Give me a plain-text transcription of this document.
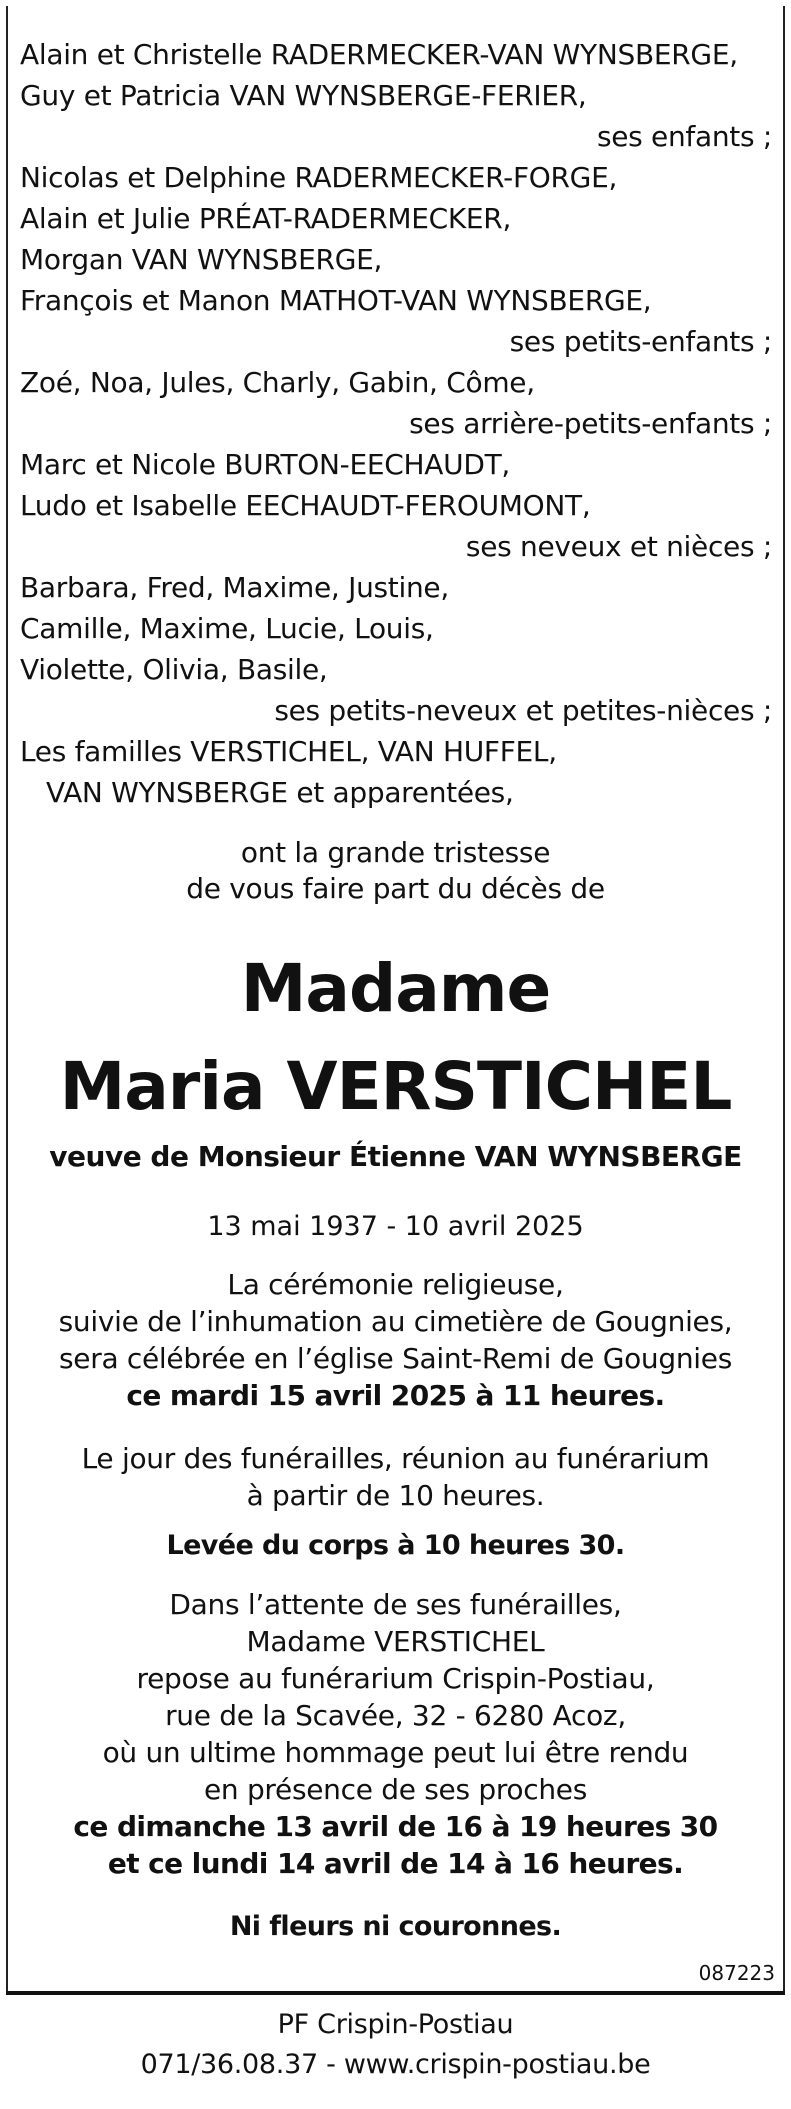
Alain et Christelle RADERMECKER-VAN WYNSBERGE,
Guy et Patricia VAN WYNSBERGE-FERIER,
ses enfants ;
Nicolas et Delphine RADERMECKER-FORGE,
Alain et Julie PRÉAT-RADERMECKER,
Morgan VAN WYNSBERGE,
François et Manon MATHOT-VAN WYNSBERGE,
ses petits-enfants ;
Zoé, Noa, Jules, Charly, Gabin, Côme,
ses arrière-petits-enfants ;
Marc et Nicole BURTON-EECHAUDT,
Ludo et Isabelle EECHAUDT-FEROUMONT,
ses neveux et nièces ;
Barbara, Fred, Maxime, Justine,
Camille, Maxime, Lucie, Louis,
Violette, Olivia, Basile,
ses petits-neveux et petites-nièces ;
Les familles VERSTICHEL, VAN HUFFEL,
VAN WYNSBERGE et apparentées,
ont la grande tristesse
de vous faire part du décès de
Madame
Maria VERSTICHEL
veuve de Monsieur Étienne VAN WYNSBERGE
13 mai 1937 - 10 avril 2025
La cérémonie religieuse,
suivie de l’inhumation au cimetière de Gougnies,
sera célébrée en l’église Saint-Remi de Gougnies
ce mardi 15 avril 2025 à 11 heures.
Le jour des funérailles, réunion au funérarium
à partir de 10 heures.
Levée du corps à 10 heures 30.
Dans l’attente de ses funérailles,
Madame VERSTICHEL
repose au funérarium Crispin-Postiau,
rue de la Scavée, 32 - 6280 Acoz,
où un ultime hommage peut lui être rendu
en présence de ses proches
ce dimanche 13 avril de 16 à 19 heures 30
et ce lundi 14 avril de 14 à 16 heures.
Ni fleurs ni couronnes.
087223
PF Crispin-Postiau
071/36.08.37 - www.crispin-postiau.be
